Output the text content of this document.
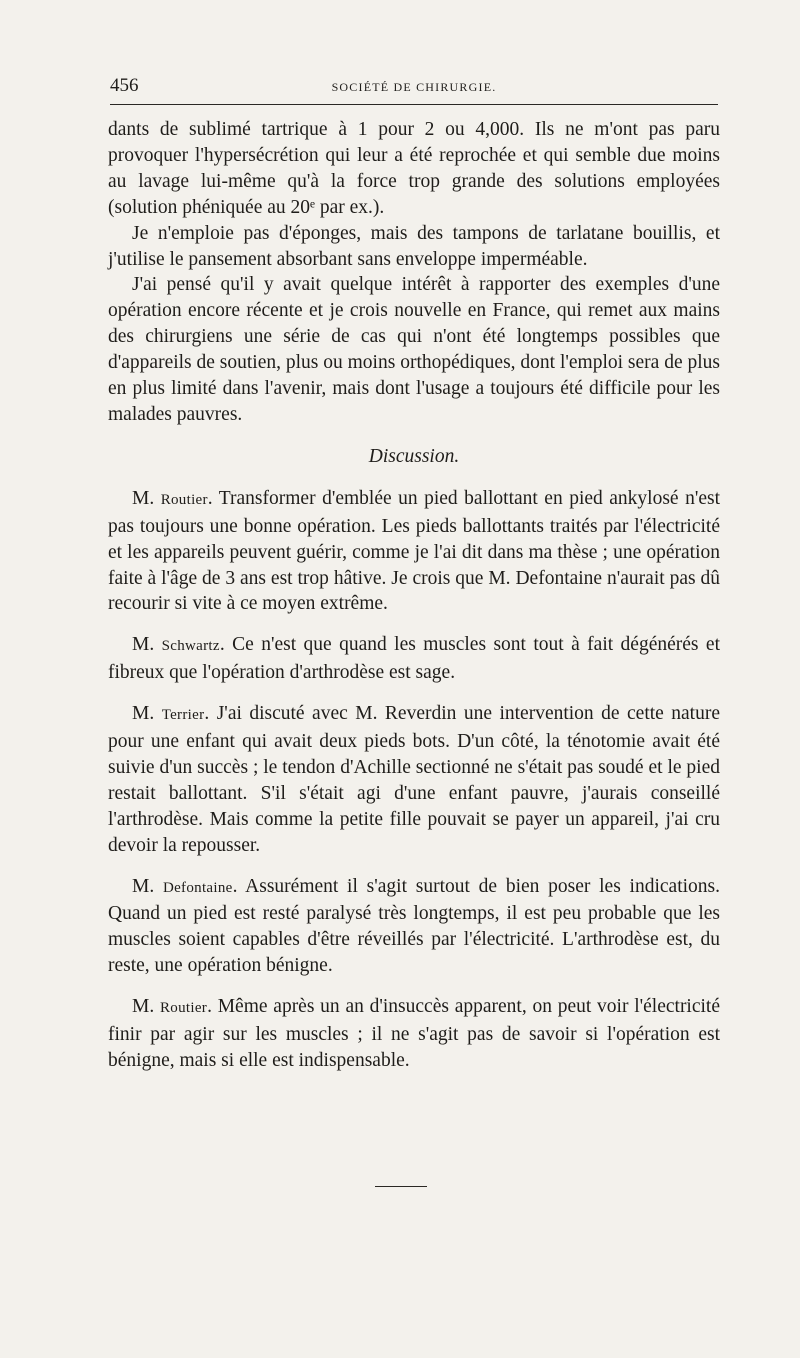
456	SOCIÉTÉ DE CHIRURGIE.

dants de sublimé tartrique à 1 pour 2 ou 4,000. Ils ne m'ont pas paru provoquer l'hypersécrétion qui leur a été reprochée et qui semble due moins au lavage lui-même qu'à la force trop grande des solutions employées (solution phéniquée au 20ᵉ par ex.).

Je n'emploie pas d'éponges, mais des tampons de tarlatane bouillis, et j'utilise le pansement absorbant sans enveloppe imperméable.

J'ai pensé qu'il y avait quelque intérêt à rapporter des exemples d'une opération encore récente et je crois nouvelle en France, qui remet aux mains des chirurgiens une série de cas qui n'ont été longtemps possibles que d'appareils de soutien, plus ou moins orthopédiques, dont l'emploi sera de plus en plus limité dans l'avenir, mais dont l'usage a toujours été difficile pour les malades pauvres.

Discussion.

M. Routier. Transformer d'emblée un pied ballottant en pied ankylosé n'est pas toujours une bonne opération. Les pieds ballottants traités par l'électricité et les appareils peuvent guérir, comme je l'ai dit dans ma thèse ; une opération faite à l'âge de 3 ans est trop hâtive. Je crois que M. Defontaine n'aurait pas dû recourir si vite à ce moyen extrême.

M. Schwartz. Ce n'est que quand les muscles sont tout à fait dégénérés et fibreux que l'opération d'arthrodèse est sage.

M. Terrier. J'ai discuté avec M. Reverdin une intervention de cette nature pour une enfant qui avait deux pieds bots. D'un côté, la ténotomie avait été suivie d'un succès ; le tendon d'Achille sectionné ne s'était pas soudé et le pied restait ballottant. S'il s'était agi d'une enfant pauvre, j'aurais conseillé l'arthrodèse. Mais comme la petite fille pouvait se payer un appareil, j'ai cru devoir la repousser.

M. Defontaine. Assurément il s'agit surtout de bien poser les indications. Quand un pied est resté paralysé très longtemps, il est peu probable que les muscles soient capables d'être réveillés par l'électricité. L'arthrodèse est, du reste, une opération bénigne.

M. Routier. Même après un an d'insuccès apparent, on peut voir l'électricité finir par agir sur les muscles ; il ne s'agit pas de savoir si l'opération est bénigne, mais si elle est indispensable.
